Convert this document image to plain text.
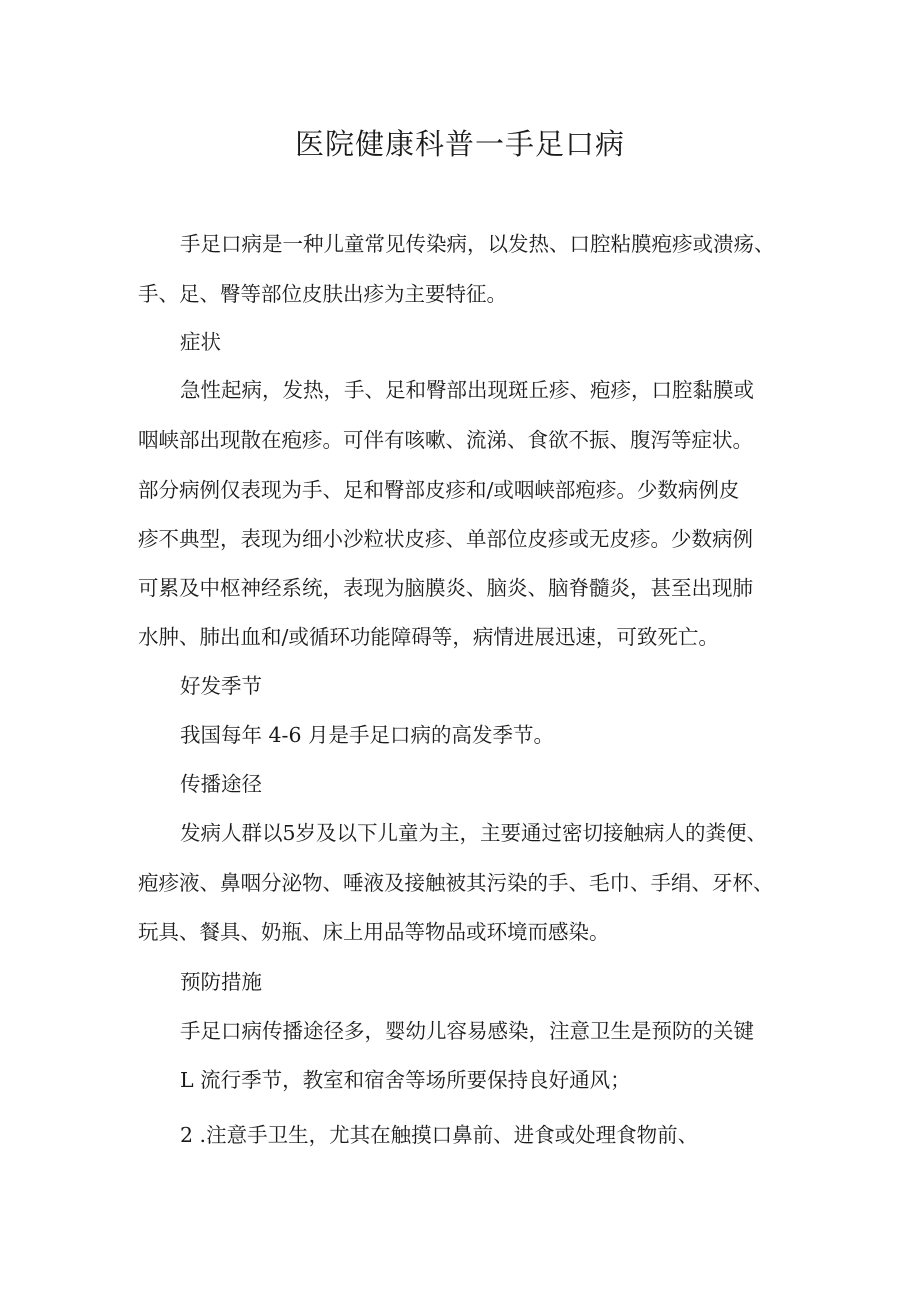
医院健康科普一手足口病

手足口病是一种儿童常见传染病，以发热、口腔粘膜疱疹或溃疡、

手、足、臀等部位皮肤出疹为主要特征。

症状

急性起病，发热，手、足和臀部出现斑丘疹、疱疹，口腔黏膜或

咽峡部出现散在疱疹。可伴有咳嗽、流涕、食欲不振、腹泻等症状。

部分病例仅表现为手、足和臀部皮疹和/或咽峡部疱疹。少数病例皮

疹不典型，表现为细小沙粒状皮疹、单部位皮疹或无皮疹。少数病例

可累及中枢神经系统，表现为脑膜炎、脑炎、脑脊髓炎，甚至出现肺

水肿、肺出血和/或循环功能障碍等，病情进展迅速，可致死亡。

好发季节

我国每年 4-6 月是手足口病的高发季节。

传播途径

发病人群以5岁及以下儿童为主，主要通过密切接触病人的粪便、

疱疹液、鼻咽分泌物、唾液及接触被其污染的手、毛巾、手绢、牙杯、

玩具、餐具、奶瓶、床上用品等物品或环境而感染。

预防措施

手足口病传播途径多，婴幼儿容易感染，注意卫生是预防的关键

L 流行季节，教室和宿舍等场所要保持良好通风；

2 .注意手卫生，尤其在触摸口鼻前、进食或处理食物前、
